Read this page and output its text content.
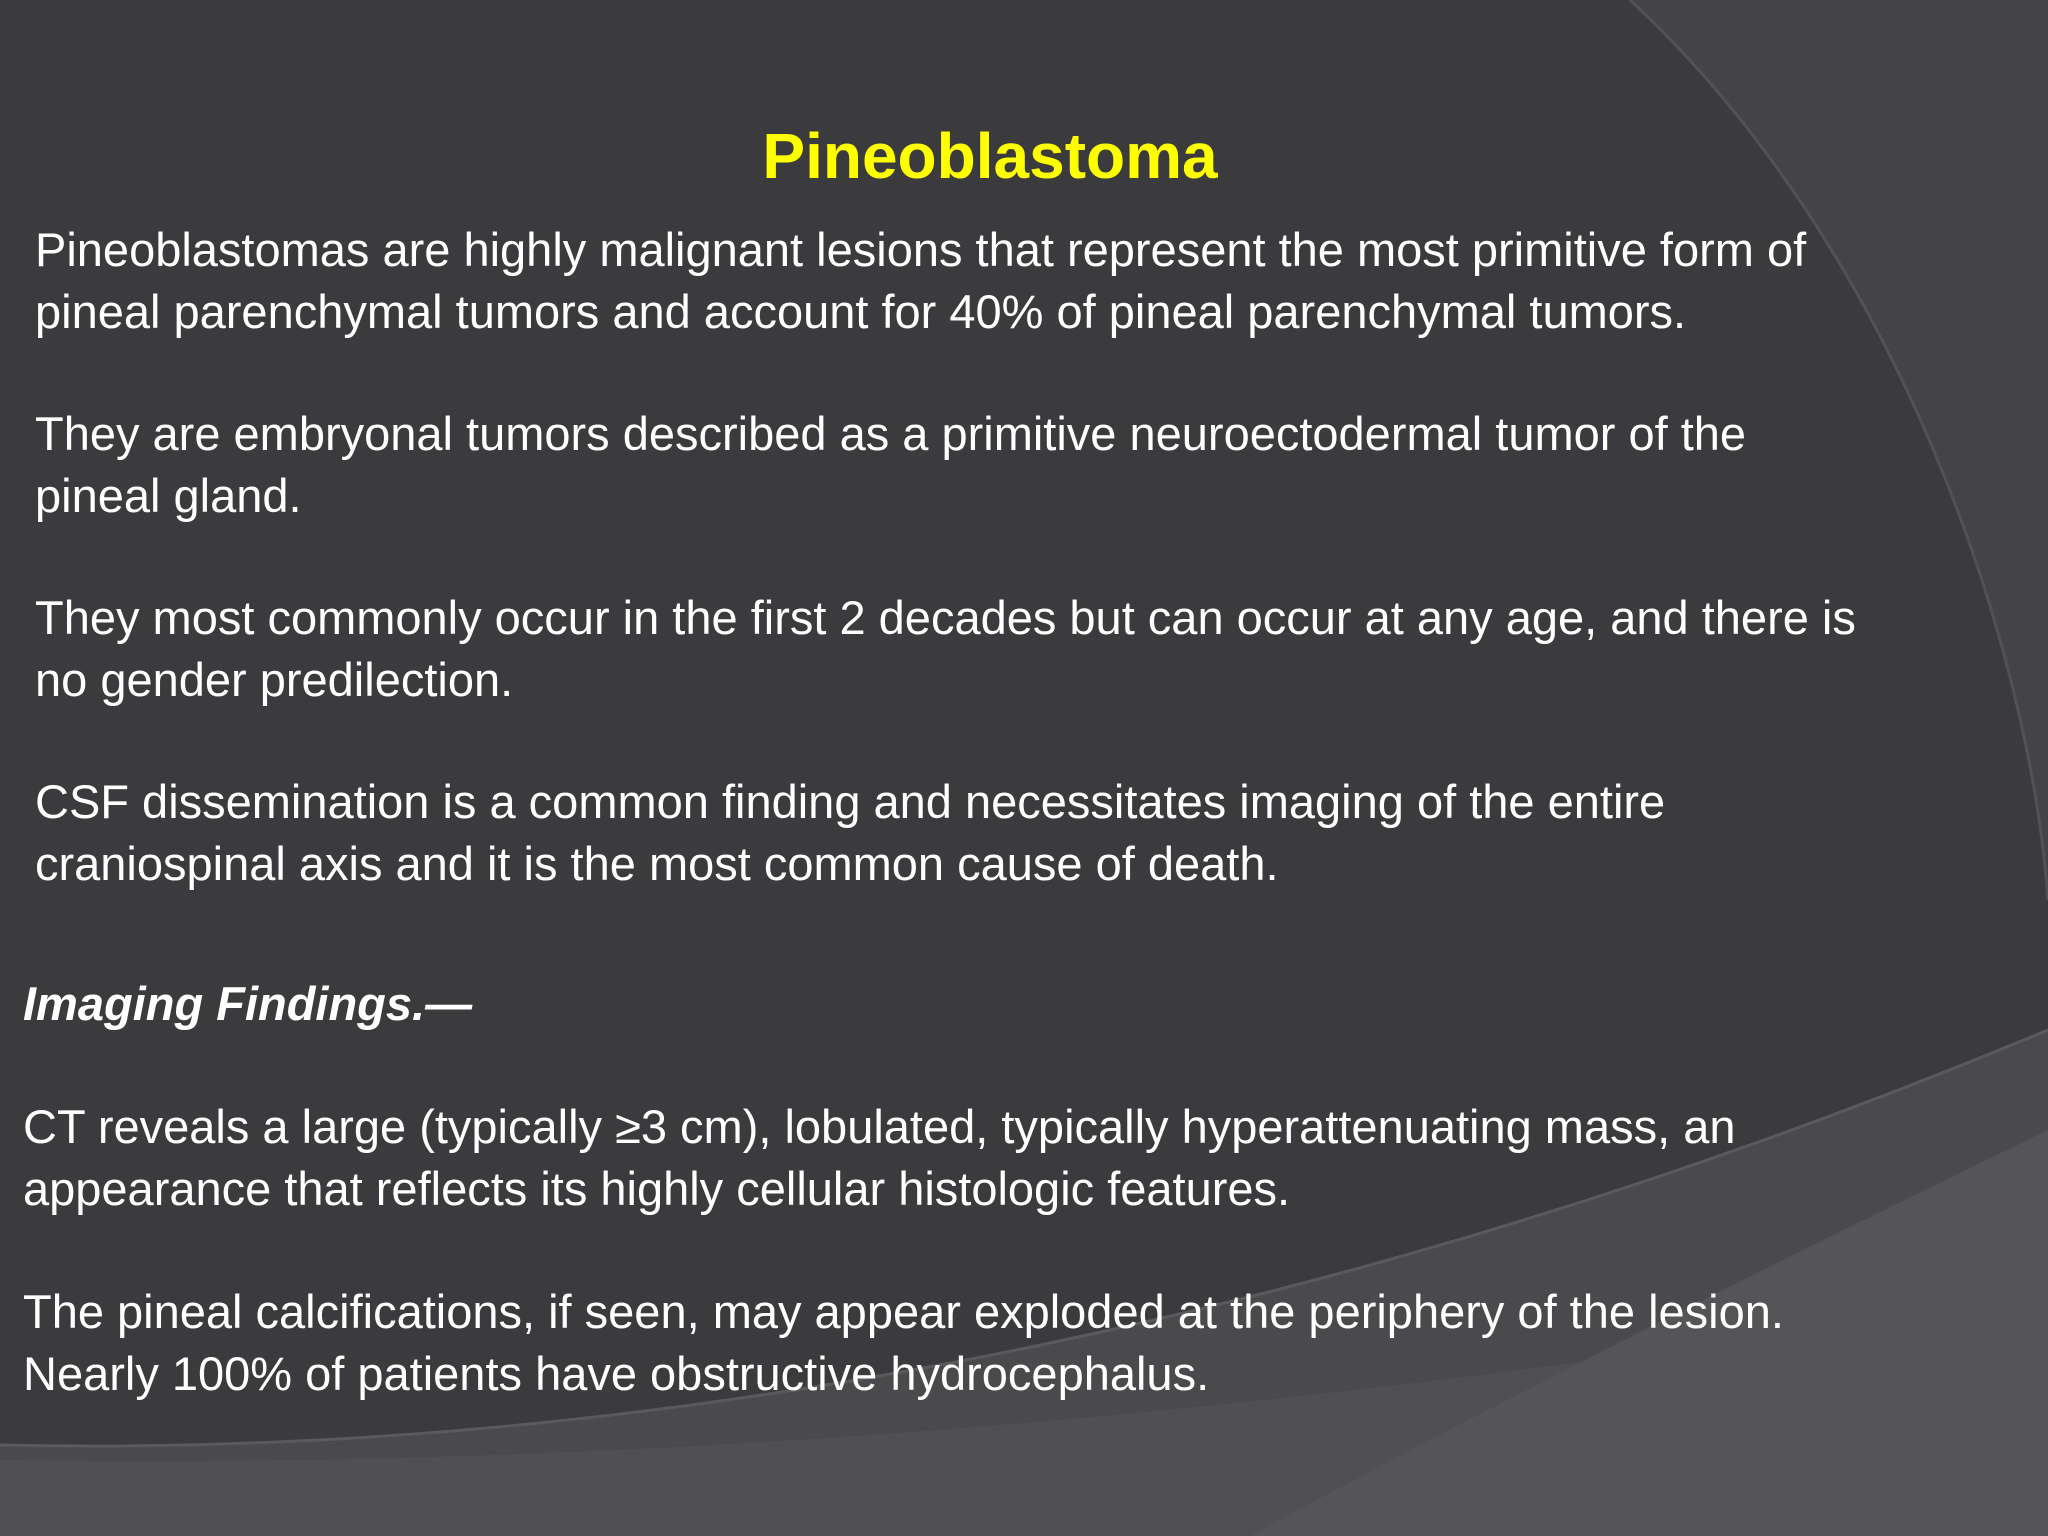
Pineoblastoma

Pineoblastomas are highly malignant lesions that represent the most primitive form of
pineal parenchymal tumors and account for 40% of pineal parenchymal tumors.

They are embryonal tumors described as a primitive neuroectodermal tumor of the
pineal gland.

They most commonly occur in the first 2 decades but can occur at any age, and there is
no gender predilection.

CSF dissemination is a common finding and necessitates imaging of the entire
craniospinal axis and it is the most common cause of death.

Imaging Findings.—

CT reveals a large (typically ≥3 cm), lobulated, typically hyperattenuating mass, an
appearance that reflects its highly cellular histologic features.

The pineal calcifications, if seen, may appear exploded at the periphery of the lesion.
Nearly 100% of patients have obstructive hydrocephalus.
